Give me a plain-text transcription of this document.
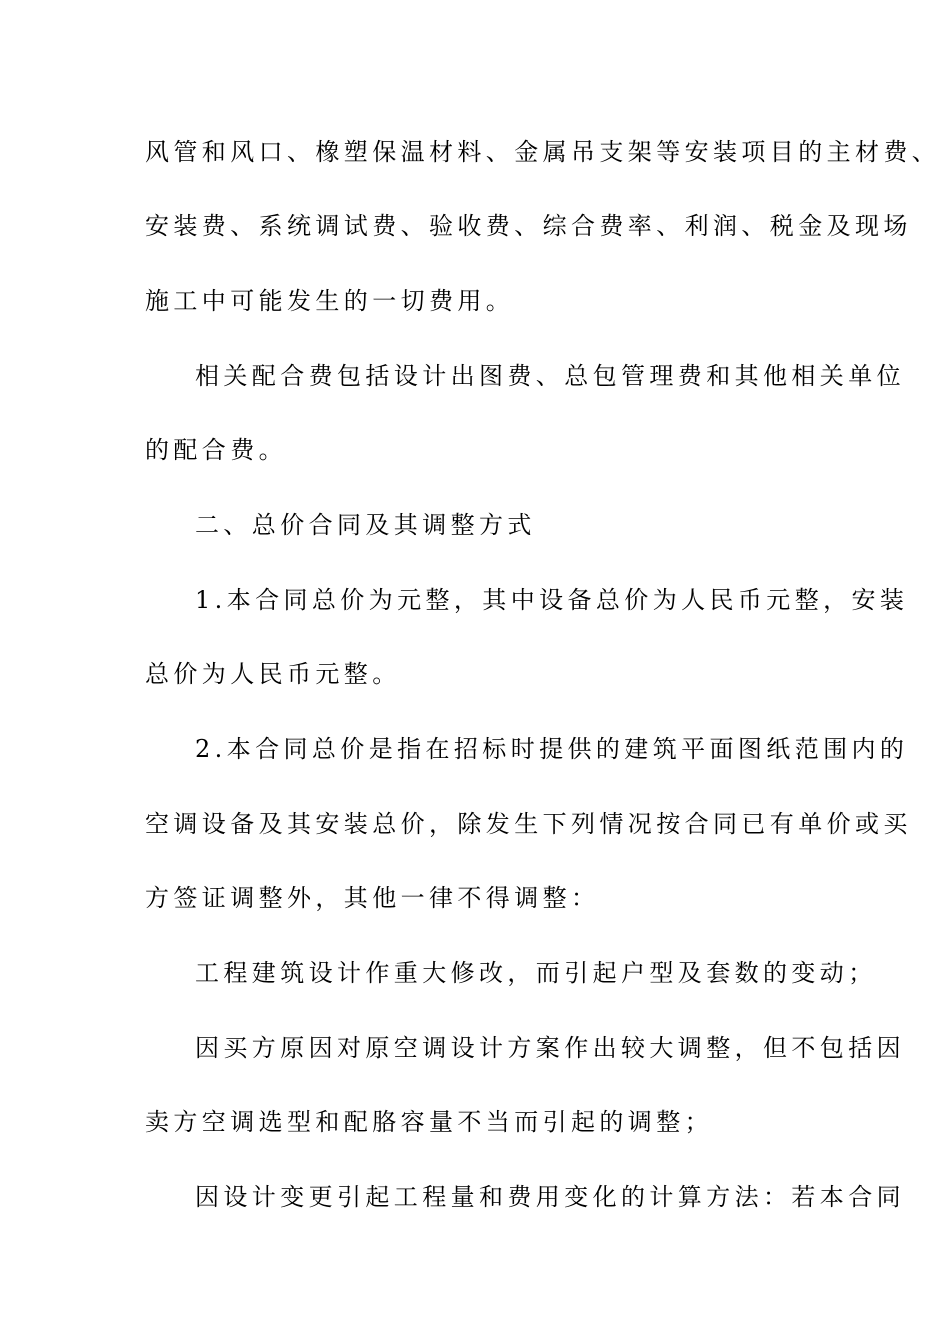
风管和风口、橡塑保温材料、金属吊支架等安装项目的主材费、
安装费、系统调试费、验收费、综合费率、利润、税金及现场
施工中可能发生的一切费用。
相关配合费包括设计出图费、总包管理费和其他相关单位
的配合费。
二、总价合同及其调整方式
1.本合同总价为元整，其中设备总价为人民币元整，安装
总价为人民币元整。
2.本合同总价是指在招标时提供的建筑平面图纸范围内的
空调设备及其安装总价，除发生下列情况按合同已有单价或买
方签证调整外，其他一律不得调整：
工程建筑设计作重大修改，而引起户型及套数的变动；
因买方原因对原空调设计方案作出较大调整，但不包括因
卖方空调选型和配胳容量不当而引起的调整；
因设计变更引起工程量和费用变化的计算方法：若本合同
